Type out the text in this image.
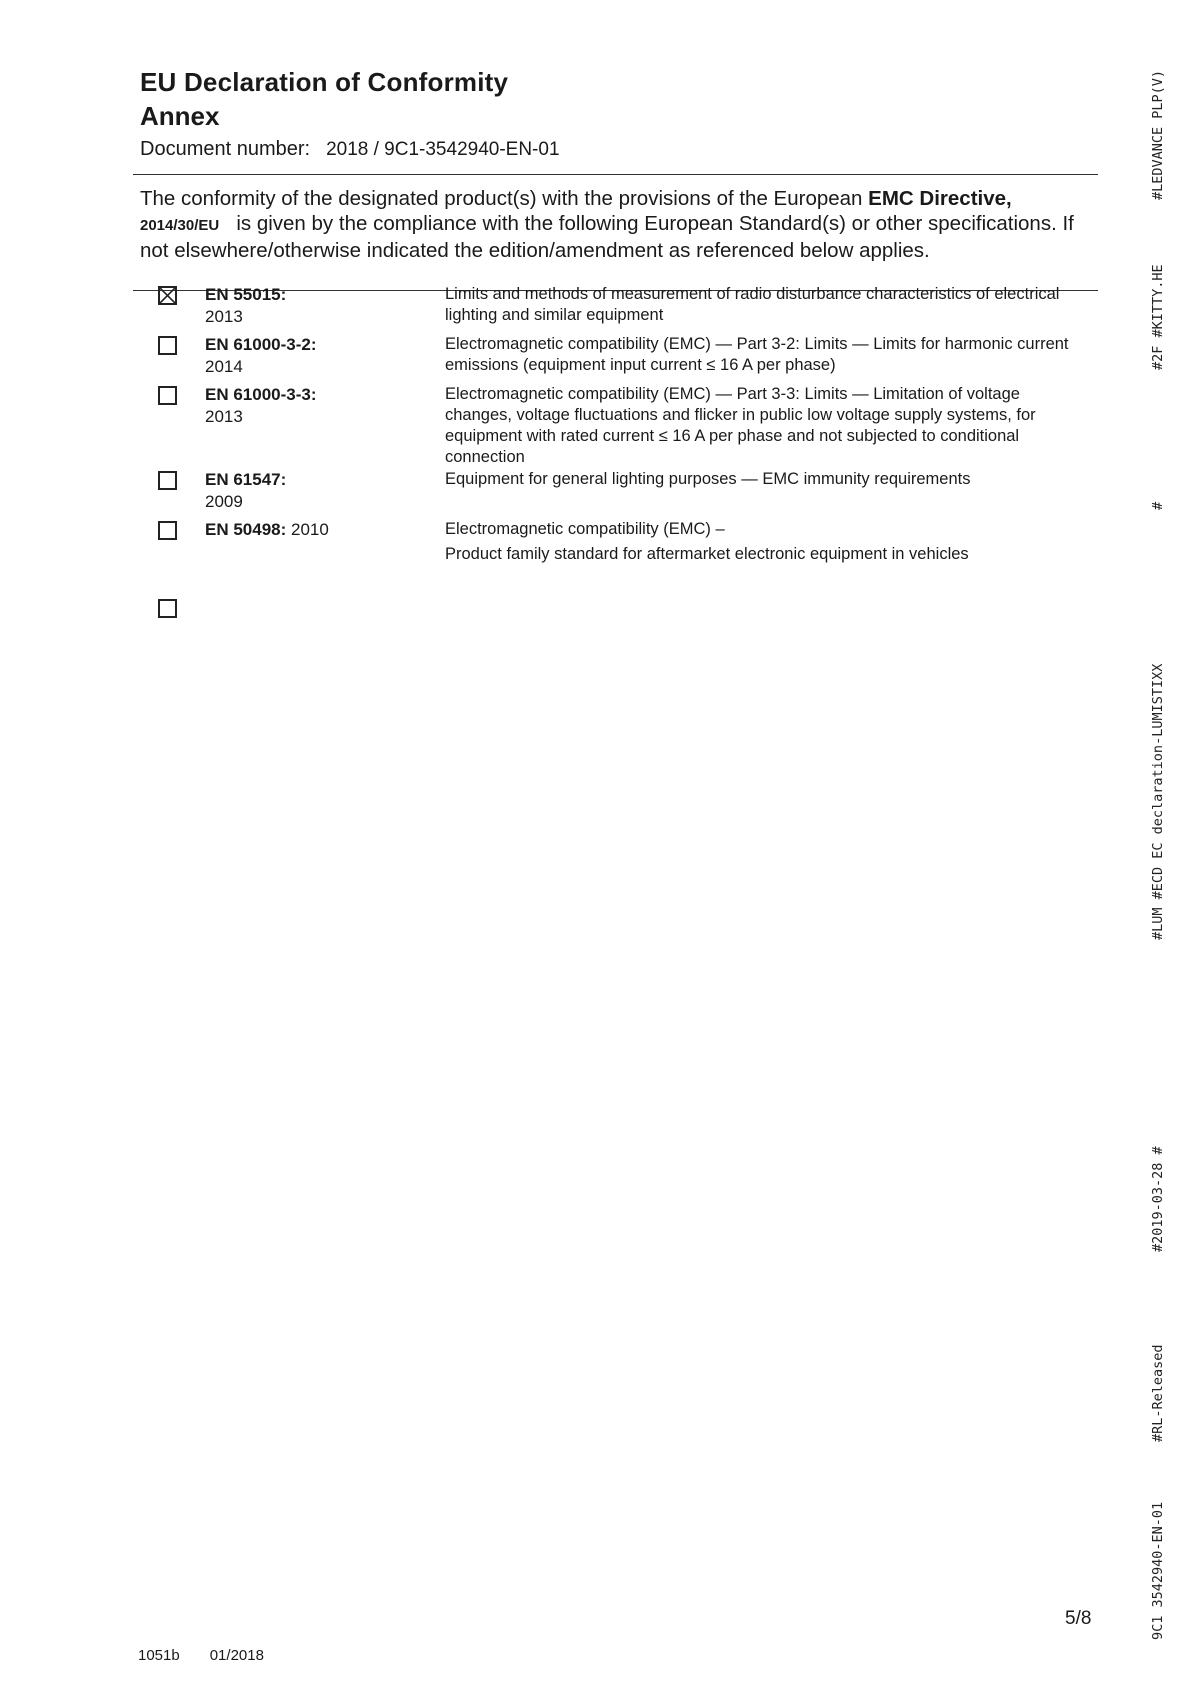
EU Declaration of Conformity
Annex
Document number: 2018 / 9C1-3542940-EN-01
The conformity of the designated product(s) with the provisions of the European EMC Directive,
2014/30/EU is given by the compliance with the following European Standard(s) or other specifications. If not elsewhere/otherwise indicated the edition/amendment as referenced below applies.
EN 55015:
2013
Limits and methods of measurement of radio disturbance characteristics of electrical lighting and similar equipment
EN 61000-3-2:
2014
Electromagnetic compatibility (EMC) — Part 3-2: Limits — Limits for harmonic current emissions (equipment input current ≤ 16 A per phase)
EN 61000-3-3:
2013
Electromagnetic compatibility (EMC) — Part 3-3: Limits — Limitation of voltage changes, voltage fluctuations and flicker in public low voltage supply systems, for equipment with rated current ≤ 16 A per phase and not subjected to conditional connection
EN 61547:
2009
Equipment for general lighting purposes — EMC immunity requirements
EN 50498: 2010	Electromagnetic compatibility (EMC) –
Product family standard for aftermarket electronic equipment in vehicles
#LEDVANCE PLP(V)
#2F #KITTY.HE
#
#LUM #ECD EC declaration-LUMISTIXX
#2019-03-28 #
#RL-Released
9C1 3542940-EN-01
5/8
1051b 01/2018
